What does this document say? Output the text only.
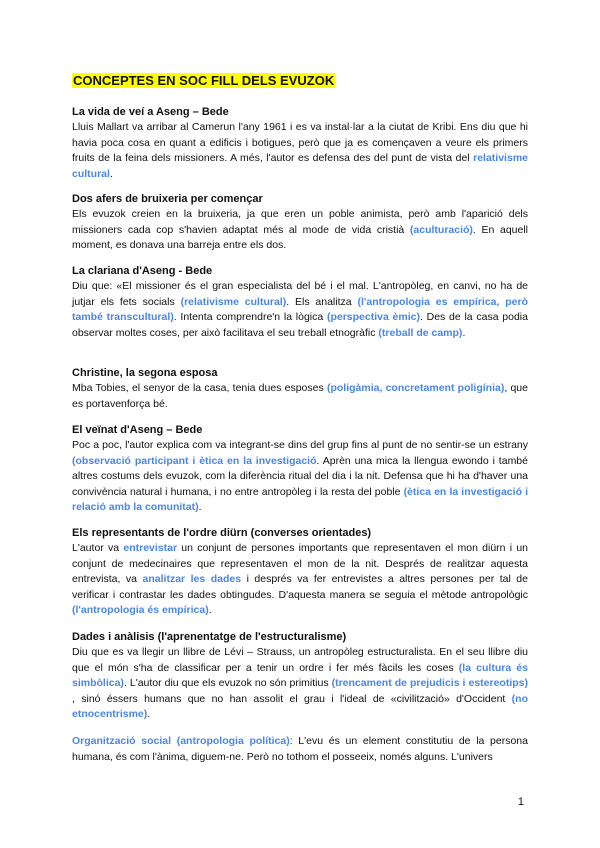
CONCEPTES EN SOC FILL DELS EVUZOK
La vida de veí a Aseng – Bede

Lluis Mallart va arribar al Camerun l'any 1961 i es va instal·lar a la ciutat de Kribi. Ens diu que hi havia poca cosa en quant a edificis i botigues, però que ja es començaven a veure els primers fruits de la feina dels missioners. A més, l'autor es defensa des del punt de vista del relativisme cultural.

Dos afers de bruixeria per començar

Els evuzok creien en la bruixeria, ja que eren un poble animista, però amb l'aparició dels missioners cada cop s'havien adaptat més al mode de vida cristià (aculturació). En aquell moment, es donava una barreja entre els dos.

La clariana d'Aseng - Bede

Diu que: «El missioner és el gran especialista del bé i el mal. L'antropòleg, en canvi, no ha de jutjar els fets socials (relativisme cultural). Els analitza (l'antropologia es empírica, però també transcultural). Intenta comprendre'n la lògica (perspectiva èmic). Des de la casa podia observar moltes coses, per això facilitava el seu treball etnogràfic (treball de camp).

Christine, la segona esposa

Mba Tobies, el senyor de la casa, tenia dues esposes (poligàmia, concretament poligínia), que es portavenforça bé.

El veïnat d'Aseng – Bede

Poc a poc, l'autor explica com va integrant-se dins del grup fins al punt de no sentir-se un estrany (observació participant i ètica en la investigació. Aprèn una mica la llengua ewondo i també altres costums dels evuzok, com la diferència ritual del dia i la nit. Defensa que hi ha d'haver una convivència natural i humana, i no entre antropòleg i la resta del poble (ètica en la investigació i relació amb la comunitat).

Els representants de l'ordre diürn (converses orientades)

L'autor va entrevistar un conjunt de persones importants que representaven el mon diürn i un conjunt de medecinaires que representaven el mon de la nit. Després de realitzar aquesta entrevista, va analitzar les dades i després va fer entrevistes a altres persones per tal de verificar i contrastar les dades obtingudes. D'aquesta manera se seguia el mètode antropològic (l'antropologia és empírica).

Dades i anàlisis (l'aprenentatge de l'estructuralisme)

Diu que es va llegir un llibre de Lévi – Strauss, un antropòleg estructuralista. En el seu llibre diu que el món s'ha de classificar per a tenir un ordre i fer més fàcils les coses (la cultura és simbòlica). L'autor diu que els evuzok no són primitius (trencament de prejudicis i estereotips) , sinó éssers humans que no han assolit el grau i l'ideal de «civilització» d'Occident (no etnocentrisme).

Organització social (antropologia política): L'evu és un element constitutiu de la persona humana, és com l'ànima, diguem-ne. Però no tothom el posseeix, només alguns. L'univers

1
